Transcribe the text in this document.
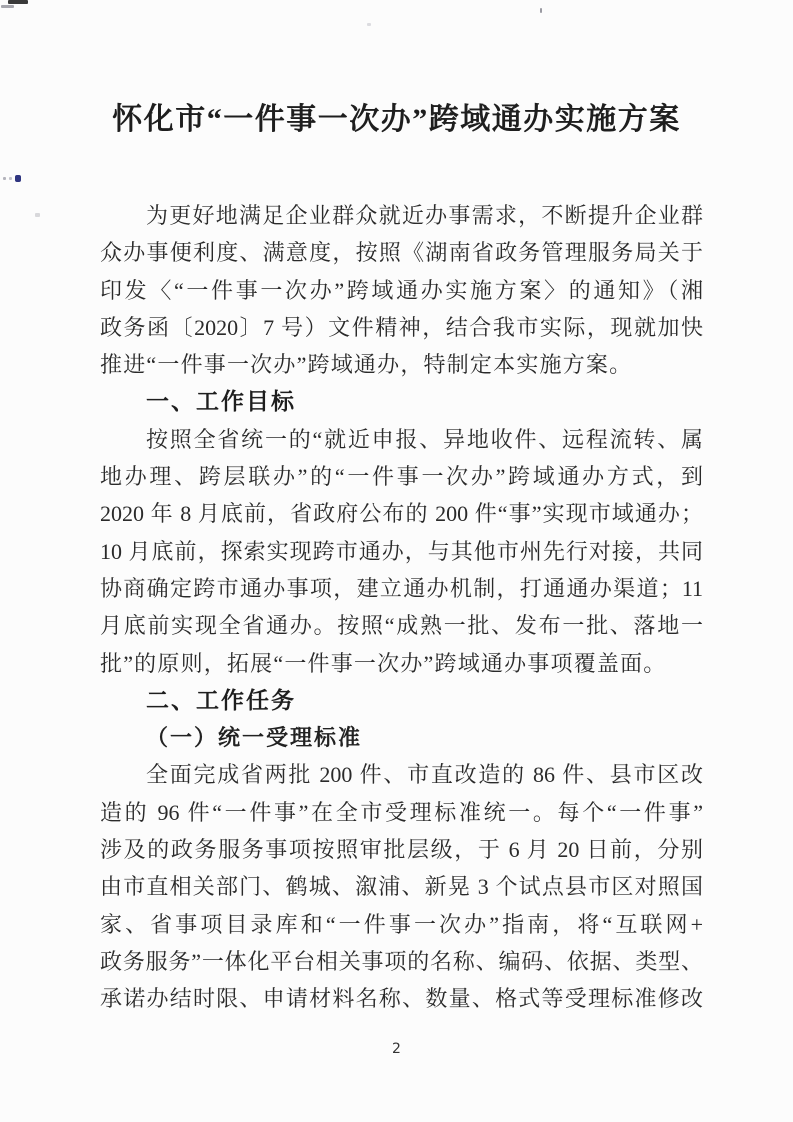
怀化市“一件事一次办”跨域通办实施方案
为更好地满足企业群众就近办事需求，不断提升企业群
众办事便利度、满意度，按照《湖南省政务管理服务局关于
印发〈“一件事一次办”跨域通办实施方案〉的通知》（湘
政务函〔2020〕7 号）文件精神，结合我市实际，现就加快
推进“一件事一次办”跨域通办，特制定本实施方案。
一、工作目标
按照全省统一的“就近申报、异地收件、远程流转、属
地办理、跨层联办”的“一件事一次办”跨域通办方式，到
2020 年 8 月底前，省政府公布的 200 件“事”实现市域通办；
10 月底前，探索实现跨市通办，与其他市州先行对接，共同
协商确定跨市通办事项，建立通办机制，打通通办渠道；11
月底前实现全省通办。按照“成熟一批、发布一批、落地一
批”的原则，拓展“一件事一次办”跨域通办事项覆盖面。
二、工作任务
（一）统一受理标准
全面完成省两批 200 件、市直改造的 86 件、县市区改
造的 96 件“一件事”在全市受理标准统一。每个“一件事”
涉及的政务服务事项按照审批层级，于 6 月 20 日前，分别
由市直相关部门、鹤城、溆浦、新晃 3 个试点县市区对照国
家、省事项目录库和“一件事一次办”指南，将“互联网+
政务服务”一体化平台相关事项的名称、编码、依据、类型、
承诺办结时限、申请材料名称、数量、格式等受理标准修改
2
